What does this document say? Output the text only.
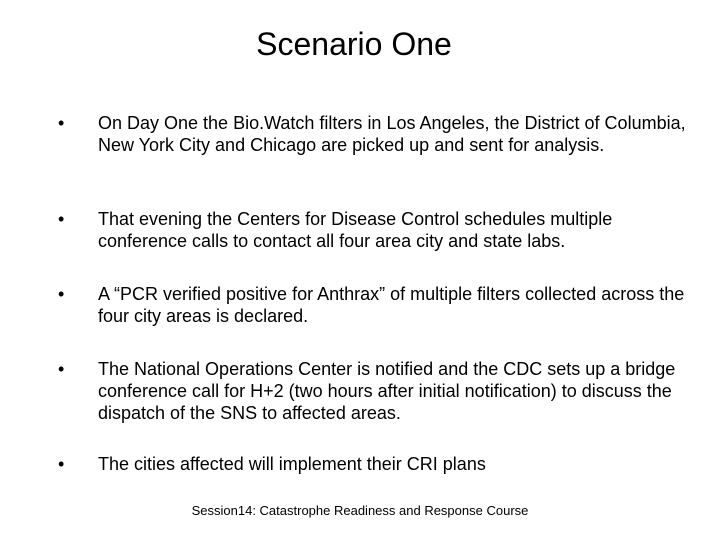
Scenario One
• On Day One the Bio.Watch filters in Los Angeles, the District of Columbia, New York City and Chicago are picked up and sent for analysis.
• That evening the Centers for Disease Control schedules multiple conference calls to contact all four area city and state labs.
• A “PCR verified positive for Anthrax” of multiple filters collected across the four city areas is declared.
• The National Operations Center is notified and the CDC sets up a bridge conference call for H+2 (two hours after initial notification) to discuss the dispatch of the SNS to affected areas.
• The cities affected will implement their CRI plans
Session14: Catastrophe Readiness and Response Course
